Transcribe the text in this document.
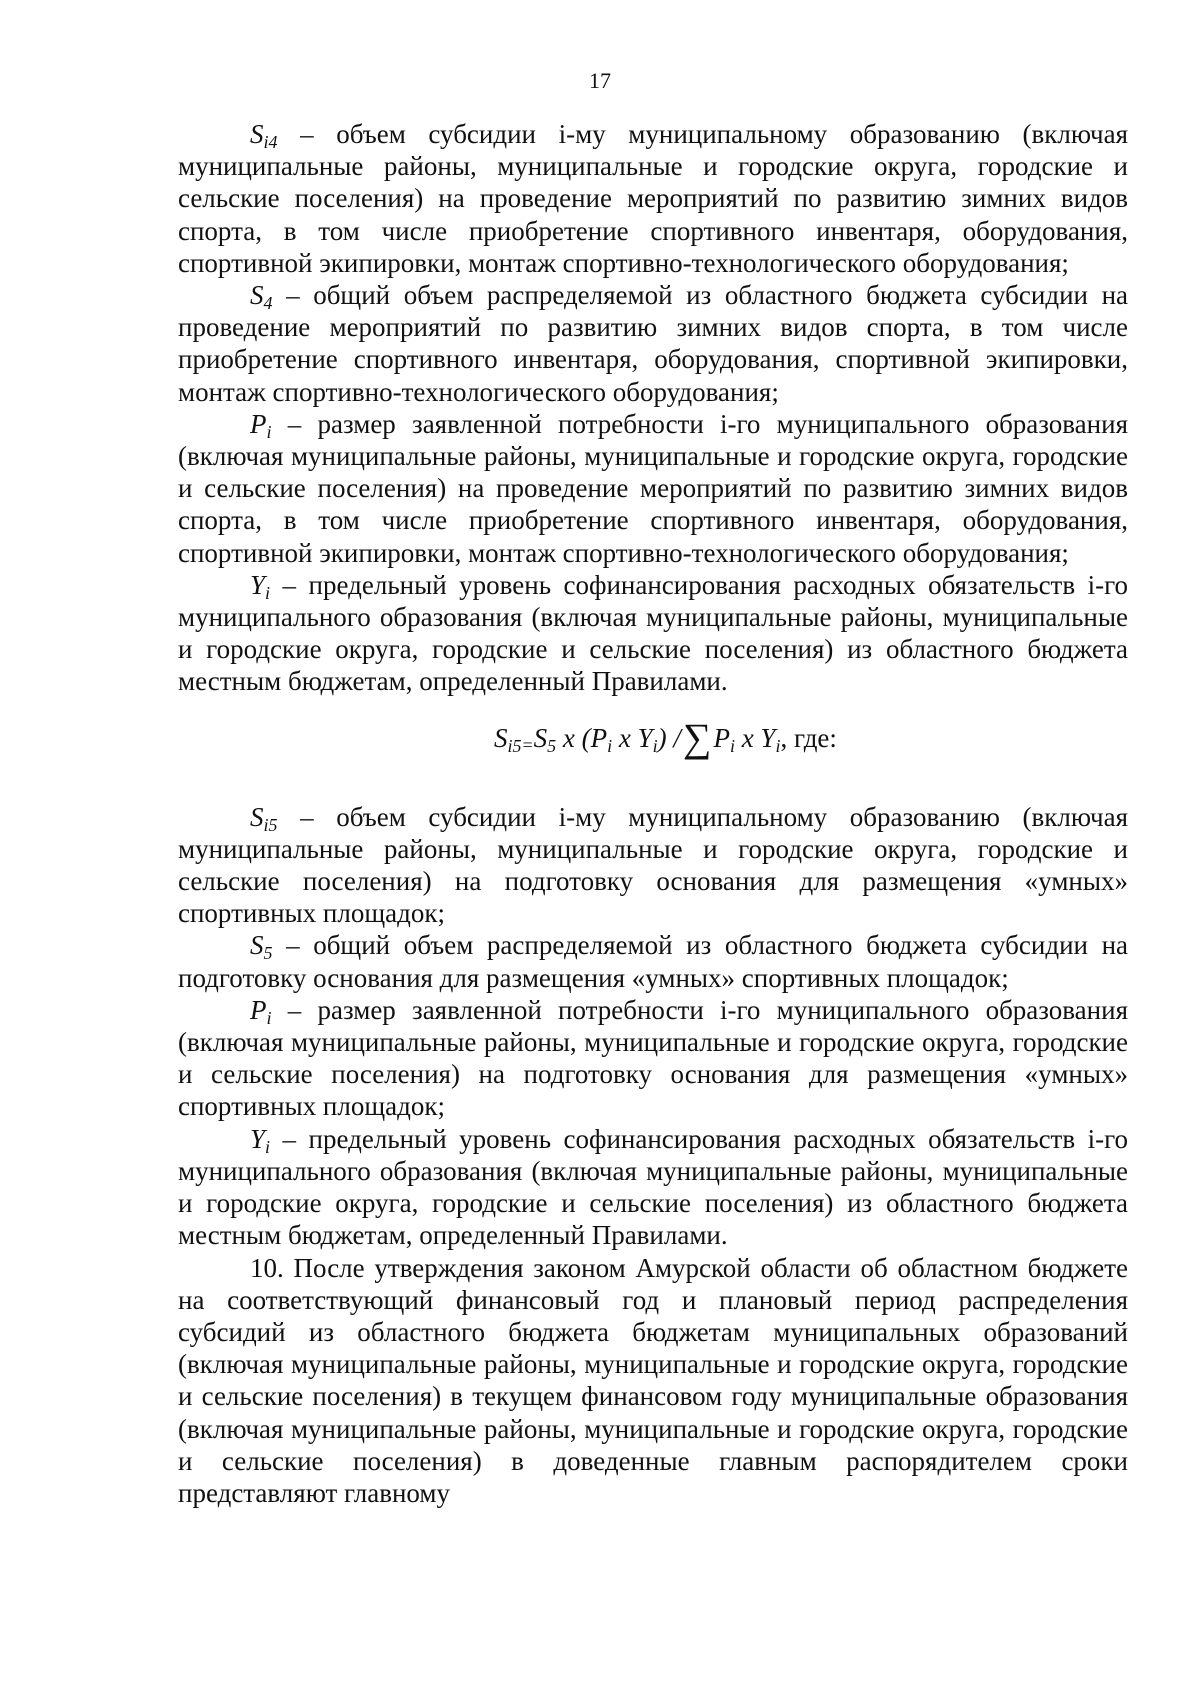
17

$S_{i4}$ – объем субсидии i-му муниципальному образованию (включая муниципальные районы, муниципальные и городские округа, городские и сельские поселения) на проведение мероприятий по развитию зимних видов спорта, в том числе приобретение спортивного инвентаря, оборудования, спортивной экипировки, монтаж спортивно-технологического оборудования;

$S_4$ – общий объем распределяемой из областного бюджета субсидии на проведение мероприятий по развитию зимних видов спорта, в том числе приобретение спортивного инвентаря, оборудования, спортивной экипировки, монтаж спортивно-технологического оборудования;

$P_i$ – размер заявленной потребности i-го муниципального образования (включая муниципальные районы, муниципальные и городские округа, городские и сельские поселения) на проведение мероприятий по развитию зимних видов спорта, в том числе приобретение спортивного инвентаря, оборудования, спортивной экипировки, монтаж спортивно-технологического оборудования;

$Y_i$ – предельный уровень софинансирования расходных обязательств i-го муниципального образования (включая муниципальные районы, муниципальные и городские округа, городские и сельские поселения) из областного бюджета местным бюджетам, определенный Правилами.

$S_{i5}=S_5$ x ($P_i$ x $Y_i$) $/\sum P_i$ x $Y_i$, где:

$S_{i5}$ – объем субсидии i-му муниципальному образованию (включая муниципальные районы, муниципальные и городские округа, городские и сельские поселения) на подготовку основания для размещения «умных» спортивных площадок;

$S_5$ – общий объем распределяемой из областного бюджета субсидии на подготовку основания для размещения «умных» спортивных площадок;

$P_i$ – размер заявленной потребности i-го муниципального образования (включая муниципальные районы, муниципальные и городские округа, городские и сельские поселения) на подготовку основания для размещения «умных» спортивных площадок;

$Y_i$ – предельный уровень софинансирования расходных обязательств i-го муниципального образования (включая муниципальные районы, муниципальные и городские округа, городские и сельские поселения) из областного бюджета местным бюджетам, определенный Правилами.

10. После утверждения законом Амурской области об областном бюджете на соответствующий финансовый год и плановый период распределения субсидий из областного бюджета бюджетам муниципальных образований (включая муниципальные районы, муниципальные и городские округа, городские и сельские поселения) в текущем финансовом году муниципальные образования (включая муниципальные районы, муниципальные и городские округа, городские и сельские поселения) в доведенные главным распорядителем сроки представляют главному
